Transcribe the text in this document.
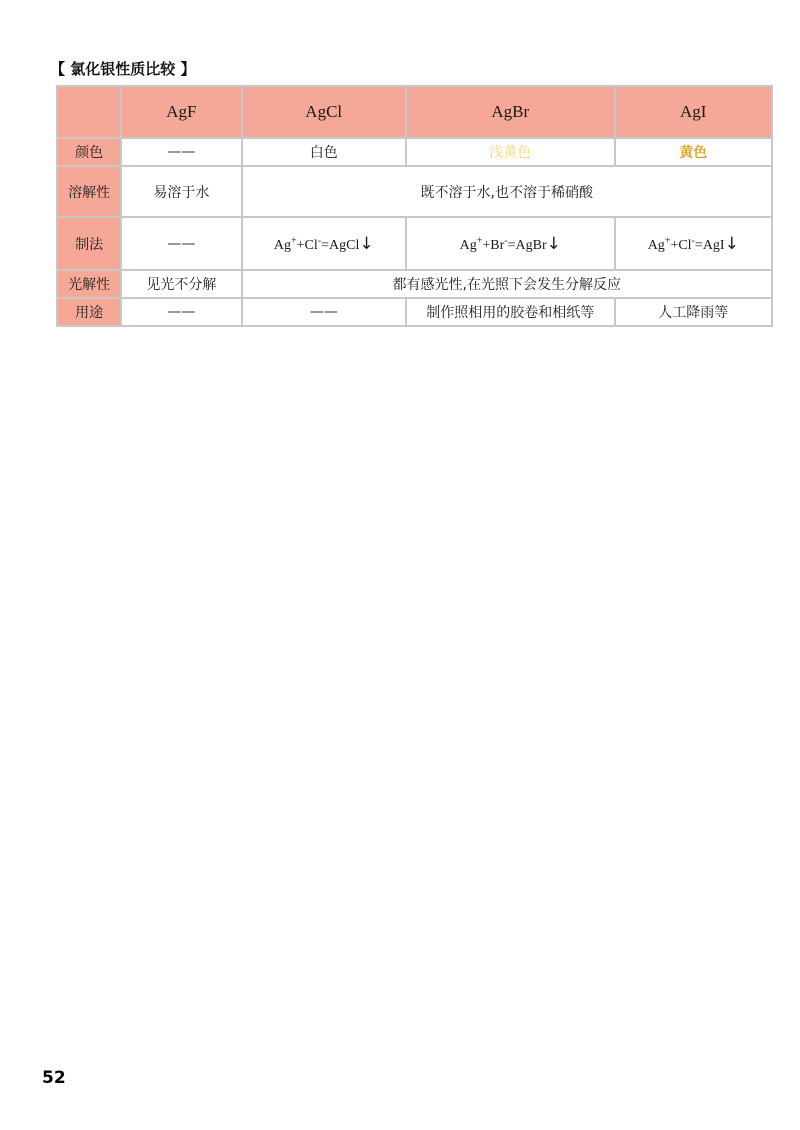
【 氯化银性质比较 】
	AgF	AgCl	AgBr	AgI
颜色	——	白色	浅黄色	黄色
溶解性	易溶于水	既不溶于水,也不溶于稀硝酸		
制法	——	Ag++Cl-=AgCl↓	Ag++Br-=AgBr↓	Ag++Cl-=AgI↓
光解性	见光不分解	都有感光性,在光照下会发生分解反应		
用途	——	——	制作照相用的胶卷和相纸等	人工降雨等
52
